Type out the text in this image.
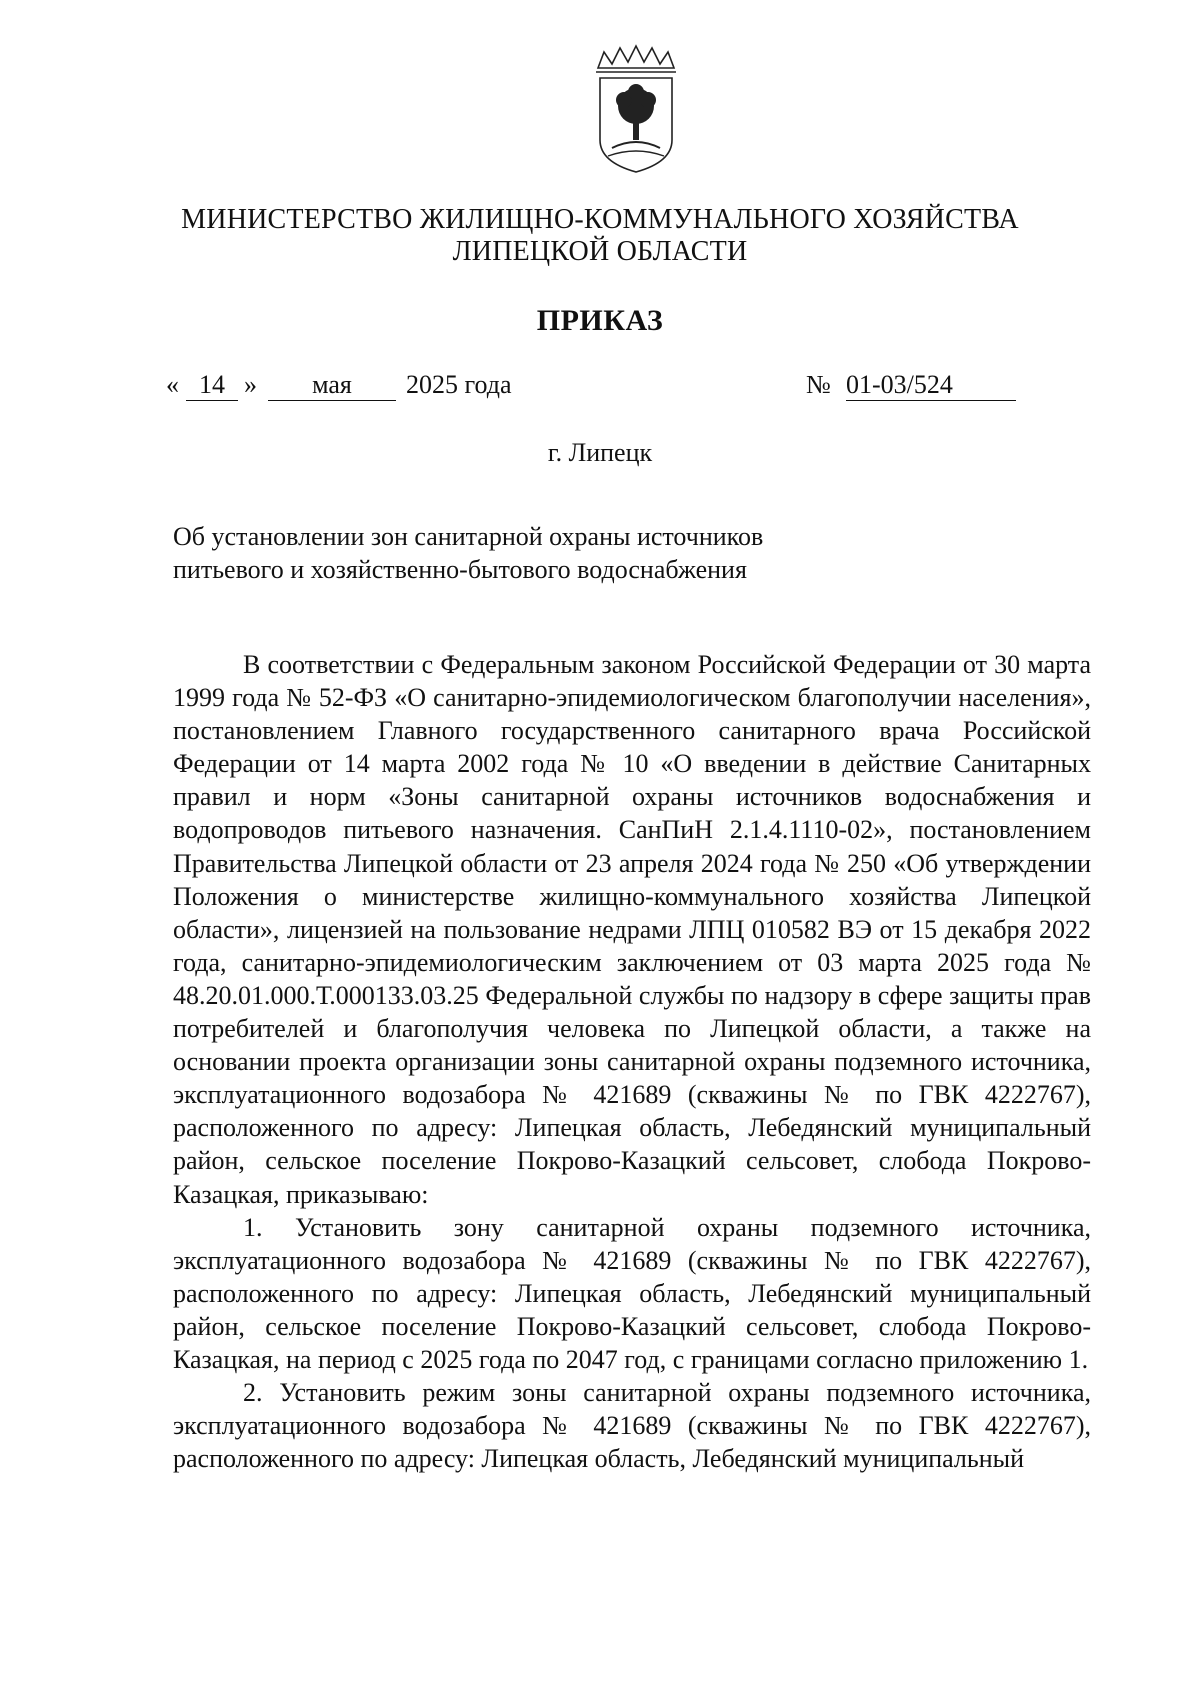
МИНИСТЕРСТВО ЖИЛИЩНО-КОММУНАЛЬНОГО ХОЗЯЙСТВА
ЛИПЕЦКОЙ ОБЛАСТИ
ПРИКАЗ
« 14 »	мая	2025 года	№ 01-03/524
г. Липецк
Об установлении зон санитарной охраны источников питьевого и хозяйственно-бытового водоснабжения

В соответствии с Федеральным законом Российской Федерации от 30 марта 1999 года № 52-ФЗ «О санитарно-эпидемиологическом благополучии населения», постановлением Главного государственного санитарного врача Российской Федерации от 14 марта 2002 года № 10 «О введении в действие Санитарных правил и норм «Зоны санитарной охраны источников водоснабжения и водопроводов питьевого назначения. СанПиН 2.1.4.1110-02», постановлением Правительства Липецкой области от 23 апреля 2024 года № 250 «Об утверждении Положения о министерстве жилищно-коммунального хозяйства Липецкой области», лицензией на пользование недрами ЛПЦ 010582 ВЭ от 15 декабря 2022 года, санитарно-эпидемиологическим заключением от 03 марта 2025 года № 48.20.01.000.Т.000133.03.25 Федеральной службы по надзору в сфере защиты прав потребителей и благополучия человека по Липецкой области, а также на основании проекта организации зоны санитарной охраны подземного источника, эксплуатационного водозабора № 421689 (скважины № по ГВК 4222767), расположенного по адресу: Липецкая область, Лебедянский муниципальный район, сельское поселение Покрово-Казацкий сельсовет, слобода Покрово-Казацкая, приказываю:

1. Установить зону санитарной охраны подземного источника, эксплуатационного водозабора № 421689 (скважины № по ГВК 4222767), расположенного по адресу: Липецкая область, Лебедянский муниципальный район, сельское поселение Покрово-Казацкий сельсовет, слобода Покрово-Казацкая, на период с 2025 года по 2047 год, с границами согласно приложению 1.

2. Установить режим зоны санитарной охраны подземного источника, эксплуатационного водозабора № 421689 (скважины № по ГВК 4222767), расположенного по адресу: Липецкая область, Лебедянский муниципальный
